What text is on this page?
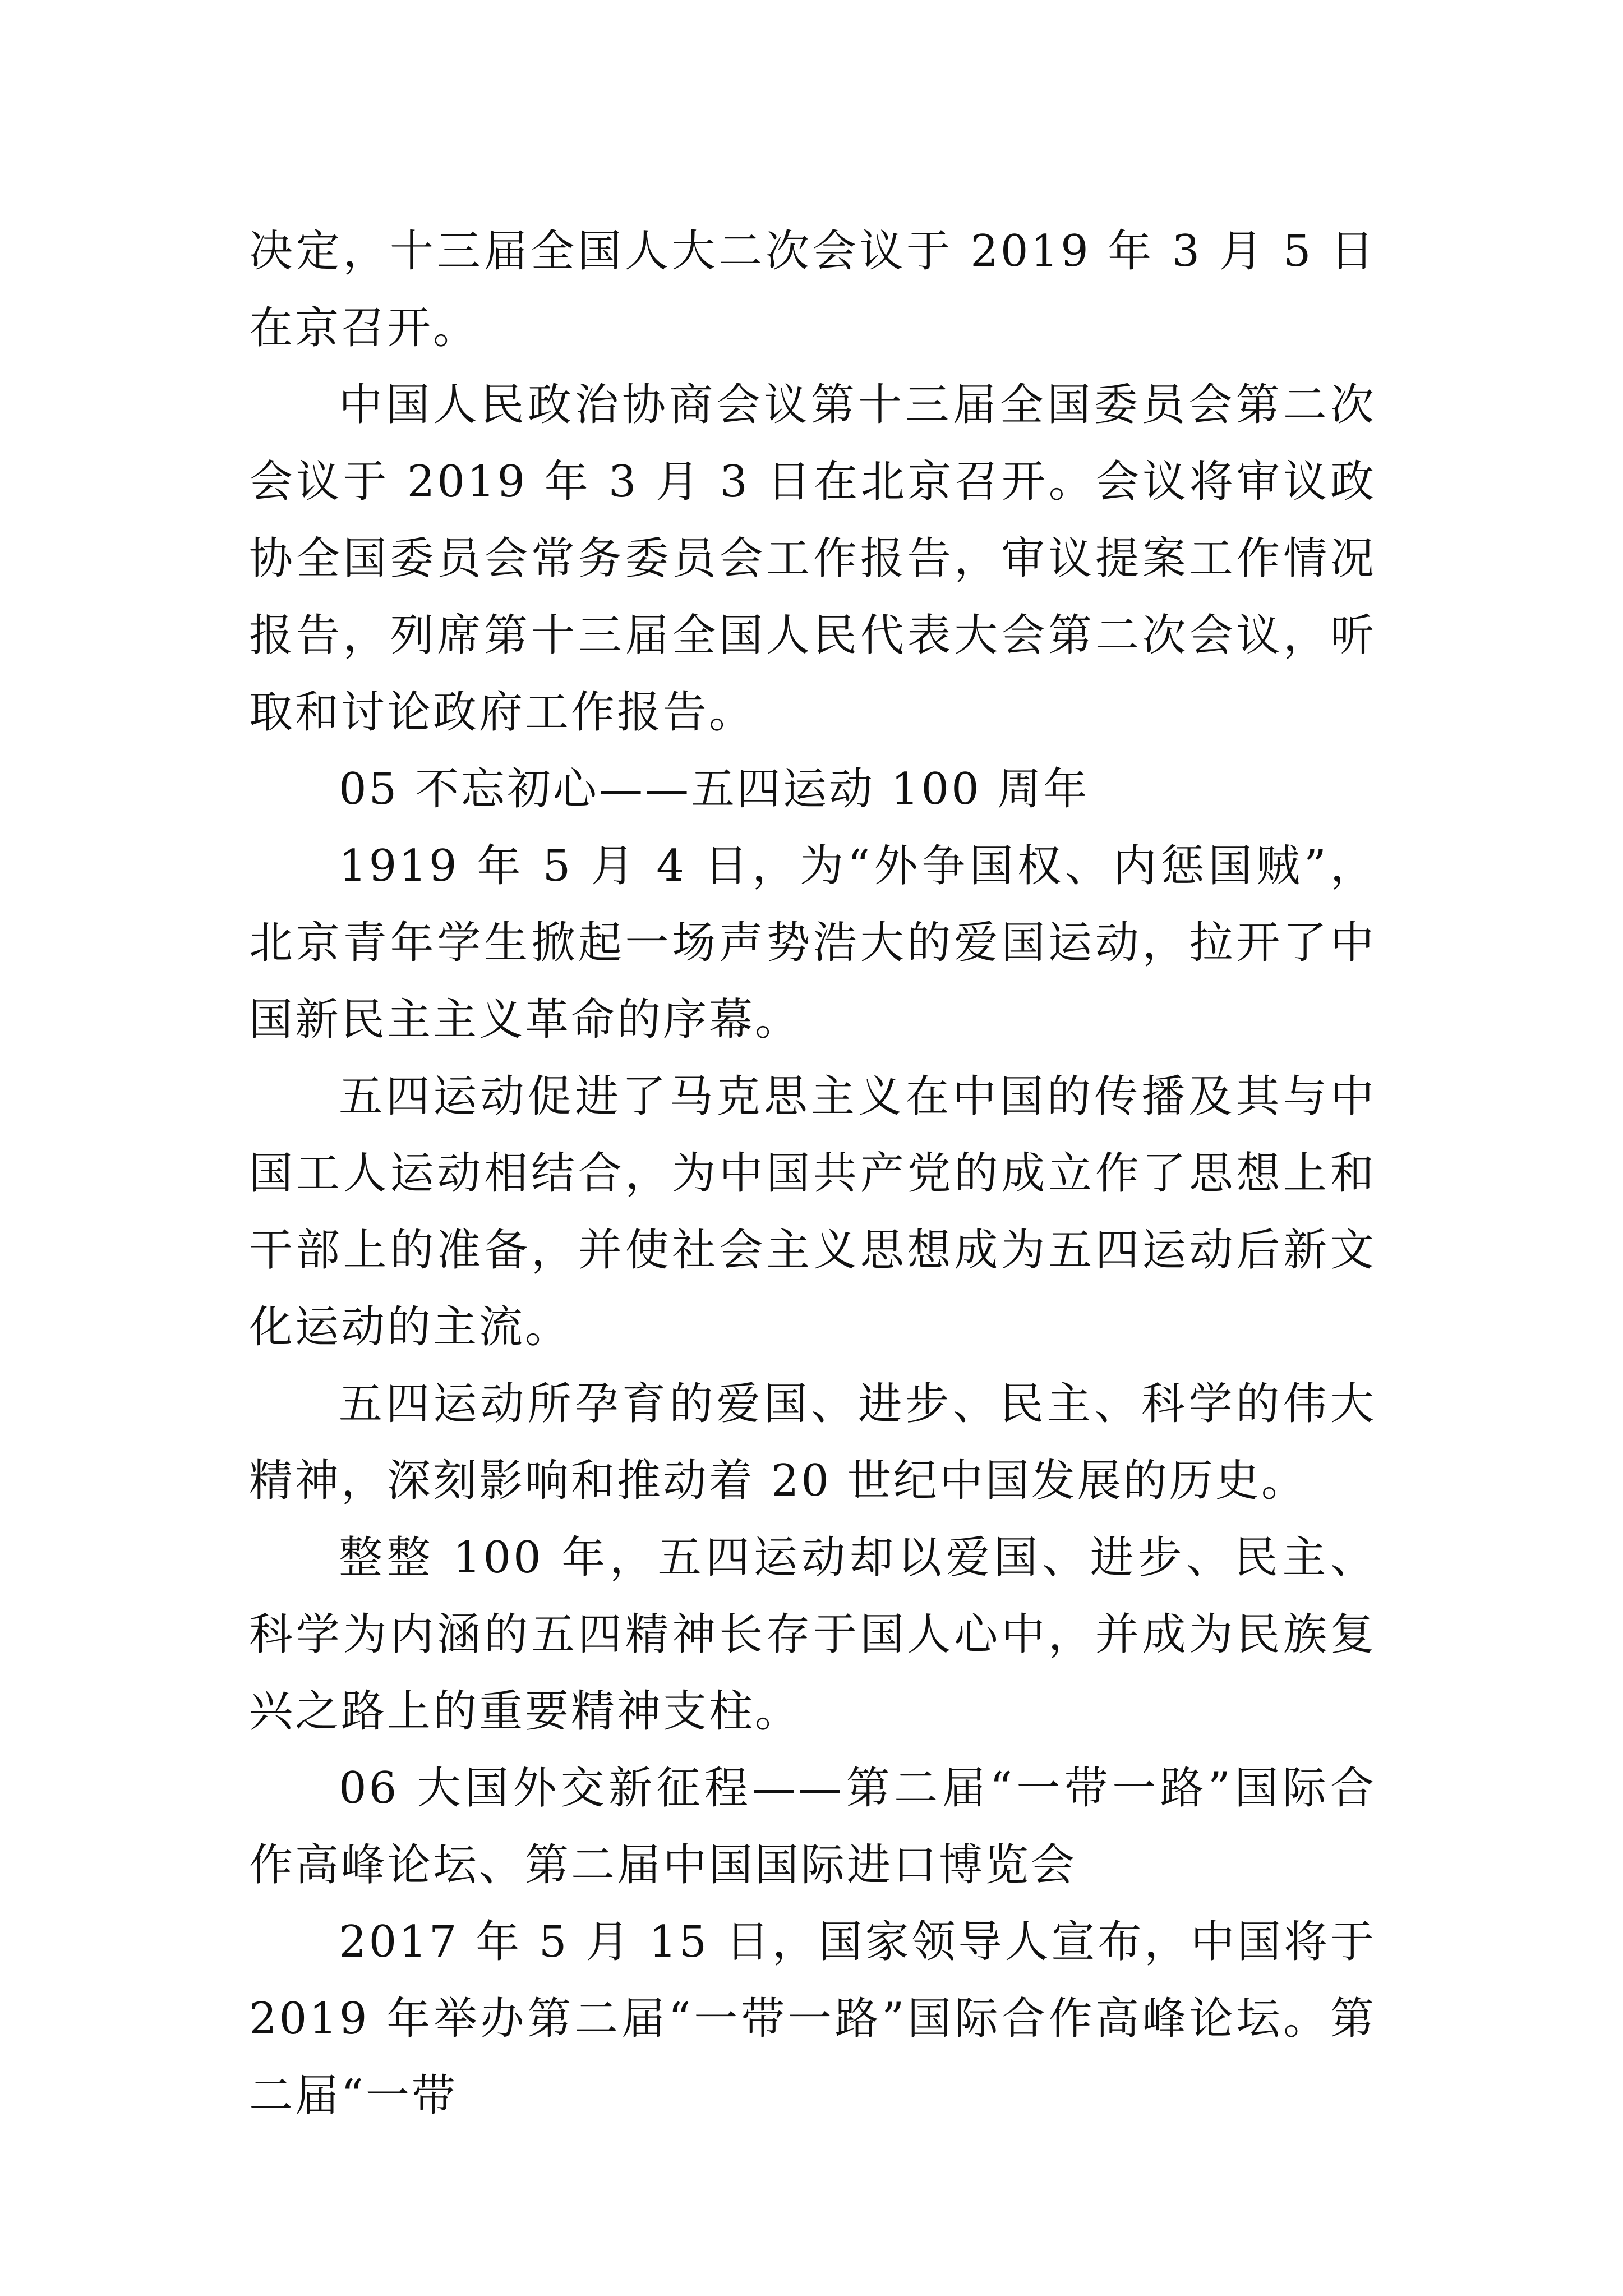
决定，十三届全国人大二次会议于 2019 年 3 月 5 日在京召开。

中国人民政治协商会议第十三届全国委员会第二次会议于 2019 年 3 月 3 日在北京召开。会议将审议政协全国委员会常务委员会工作报告，审议提案工作情况报告，列席第十三届全国人民代表大会第二次会议，听取和讨论政府工作报告。

05 不忘初心——五四运动 100 周年

1919 年 5 月 4 日，为“外争国权、内惩国贼”，北京青年学生掀起一场声势浩大的爱国运动，拉开了中国新民主主义革命的序幕。

五四运动促进了马克思主义在中国的传播及其与中国工人运动相结合，为中国共产党的成立作了思想上和干部上的准备，并使社会主义思想成为五四运动后新文化运动的主流。

五四运动所孕育的爱国、进步、民主、科学的伟大精神，深刻影响和推动着 20 世纪中国发展的历史。

整整 100 年，五四运动却以爱国、进步、民主、科学为内涵的五四精神长存于国人心中，并成为民族复兴之路上的重要精神支柱。

06 大国外交新征程——第二届“一带一路”国际合作高峰论坛、第二届中国国际进口博览会

2017 年 5 月 15 日，国家领导人宣布，中国将于 2019 年举办第二届“一带一路”国际合作高峰论坛。第二届“一带
